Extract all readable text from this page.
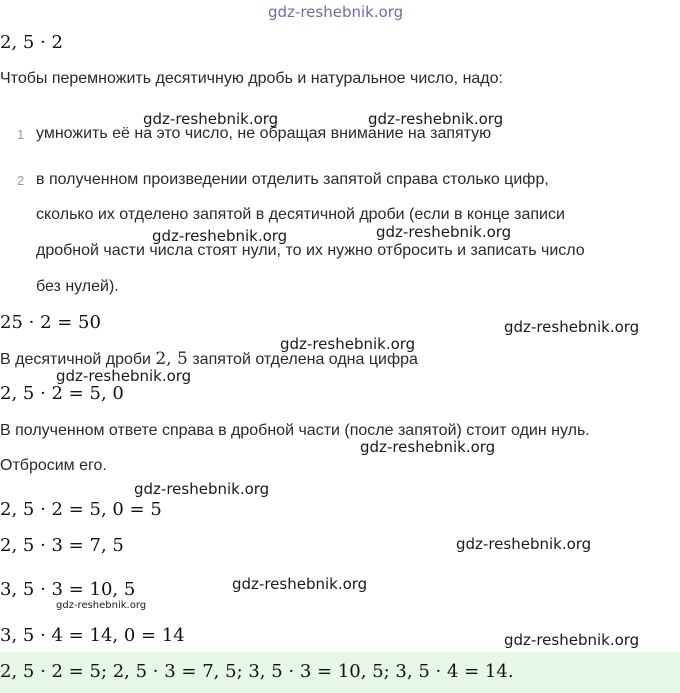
gdz-reshebnik.org
2, 5 · 2
Чтобы перемножить десятичную дробь и натуральное число, надо:
1 умножить её на это число, не обращая внимание на запятую
2 в полученном произведении отделить запятой справа столько цифр,
сколько их отделено запятой в десятичной дроби (если в конце записи
дробной части числа стоят нули, то их нужно отбросить и записать число
без нулей).
25 · 2 = 50
В десятичной дроби 2, 5 запятой отделена одна цифра
2, 5 · 2 = 5, 0
В полученном ответе справа в дробной части (после запятой) стоит один нуль.
Отбросим его.
2, 5 · 2 = 5, 0 = 5
2, 5 · 3 = 7, 5
3, 5 · 3 = 10, 5
3, 5 · 4 = 14, 0 = 14
2, 5 · 2 = 5; 2, 5 · 3 = 7, 5; 3, 5 · 3 = 10, 5; 3, 5 · 4 = 14.
gdz-reshebnik.org	gdz-reshebnik.org
gdz-reshebnik.org	gdz-reshebnik.org
gdz-reshebnik.org
gdz-reshebnik.org
gdz-reshebnik.org
gdz-reshebnik.org
gdz-reshebnik.org
gdz-reshebnik.org
gdz-reshebnik.org
gdz-reshebnik.org
gdz-reshebnik.org
